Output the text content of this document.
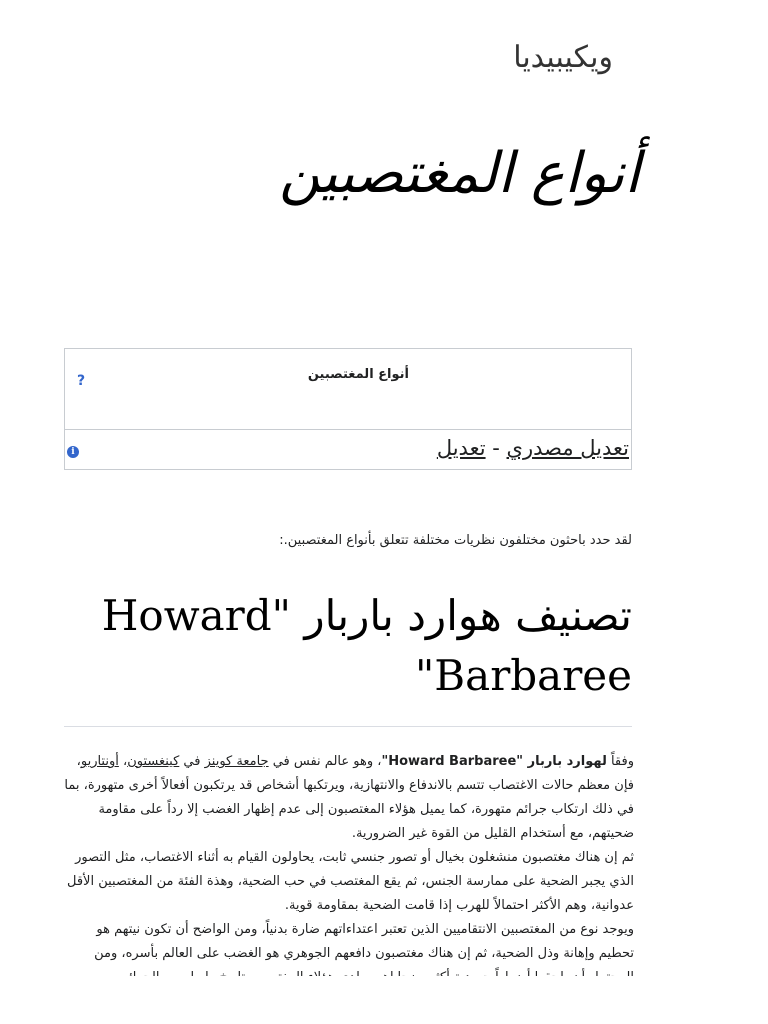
ويكيبيديا
أنواع المغتصبين
أنواع المغتصبين
?
تعديل مصدري - تعديل
i

لقد حدد باحثون مختلفون نظريات مختلفة تتعلق بأنواع المغتصبين.:

تصنيف هوارد باربار "Howard Barbaree"
وفقاً لهوارد باربار "Howard Barbaree"، وهو عالم نفس في جامعة كوينز في كينغستون، أونتاريو، فإن معظم حالات الاغتصاب تتسم بالاندفاع والانتهازية، ويرتكبها أشخاص قد يرتكبون أفعالاً أخرى متهورة، بما في ذلك ارتكاب جرائم متهورة، كما يميل هؤلاء المغتصبون إلى عدم إظهار الغضب إلا رداً على مقاومة ضحيتهم، مع أستخدام القليل من القوة غير الضرورية.
ثم إن هناك مغتصبون منشغلون بخيال أو تصور جنسي ثابت، يحاولون القيام به أثناء الاغتصاب، مثل التصور الذي يجبر الضحية على ممارسة الجنس، ثم يقع المغتصب في حب الضحية، وهذة الفئة من المغتصبين الأقل عدوانية، وهم الأكثر احتمالاً للهرب إذا قامت الضحية بمقاومة قوية.
ويوجد نوع من المغتصبين الانتقاميين الذين تعتبر اعتداءاتهم ضارة بدنياً، ومن الواضح أن تكون نيتهم هو تحطيم وإهانة وذل الضحية، ثم إن هناك مغتصبون دافعهم الجوهري هو الغضب على العالم بأسره، ومن
